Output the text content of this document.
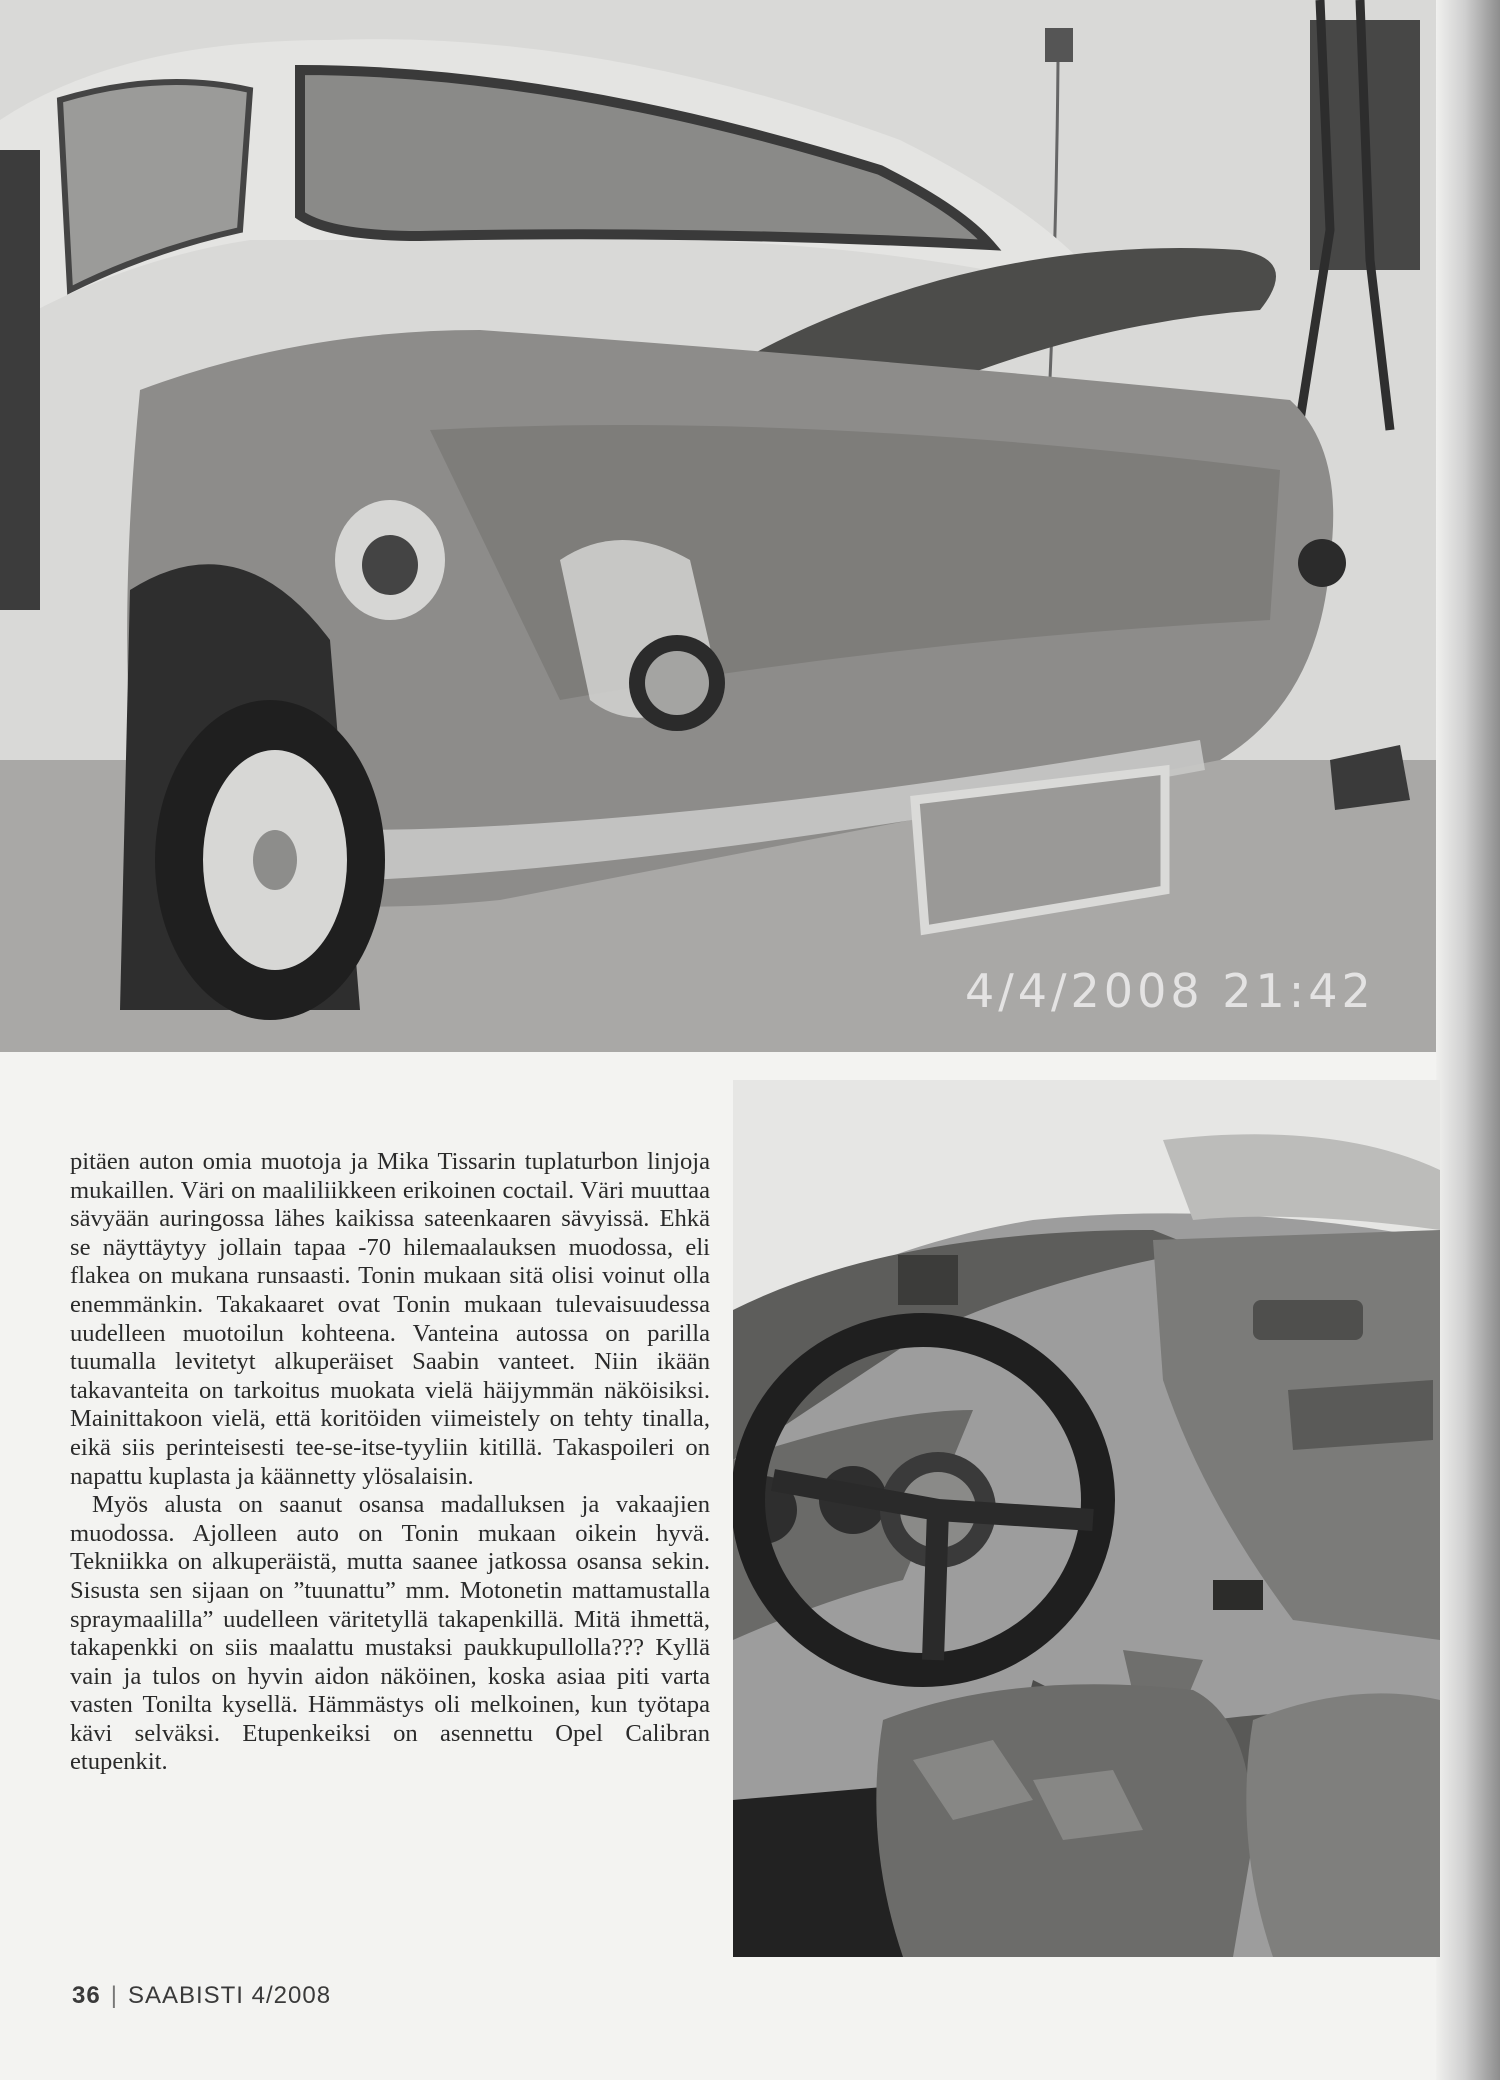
4/4/2008 21:42

pitäen auton omia muotoja ja Mika Tissarin tuplaturbon linjoja mukaillen. Väri on maaliliikkeen erikoinen coctail. Väri muuttaa sävyään auringossa lähes kaikissa sateenkaaren sävyissä. Ehkä se näyttäytyy jollain tapaa -70 hilemaalauksen muodossa, eli flakea on mukana runsaasti. Tonin mukaan sitä olisi voinut olla enemmänkin. Takakaaret ovat Tonin mukaan tulevaisuudessa uudelleen muotoilun kohteena. Vanteina autossa on parilla tuumalla levitetyt alkuperäiset Saabin vanteet. Niin ikään takavanteita on tarkoitus muokata vielä häijymmän näköisiksi. Mainittakoon vielä, että koritöiden viimeistely on tehty tinalla, eikä siis perinteisesti tee-se-itse-tyyliin kitillä. Takaspoileri on napattu kuplasta ja käännetty ylösalaisin.

Myös alusta on saanut osansa madalluksen ja vakaajien muodossa. Ajolleen auto on Tonin mukaan oikein hyvä. Tekniikka on alkuperäistä, mutta saanee jatkossa osansa sekin. Sisusta sen sijaan on ”tuunattu” mm. Motonetin mattamustalla spraymaalilla” uudelleen väritetyllä takapenkillä. Mitä ihmettä, takapenkki on siis maalattu mustaksi paukkupullolla??? Kyllä vain ja tulos on hyvin aidon näköinen, koska asiaa piti varta vasten Tonilta kysellä. Hämmästys oli melkoinen, kun työtapa kävi selväksi. Etupenkeiksi on asennettu Opel Calibran etupenkit.

36 | SAABISTI 4/2008
